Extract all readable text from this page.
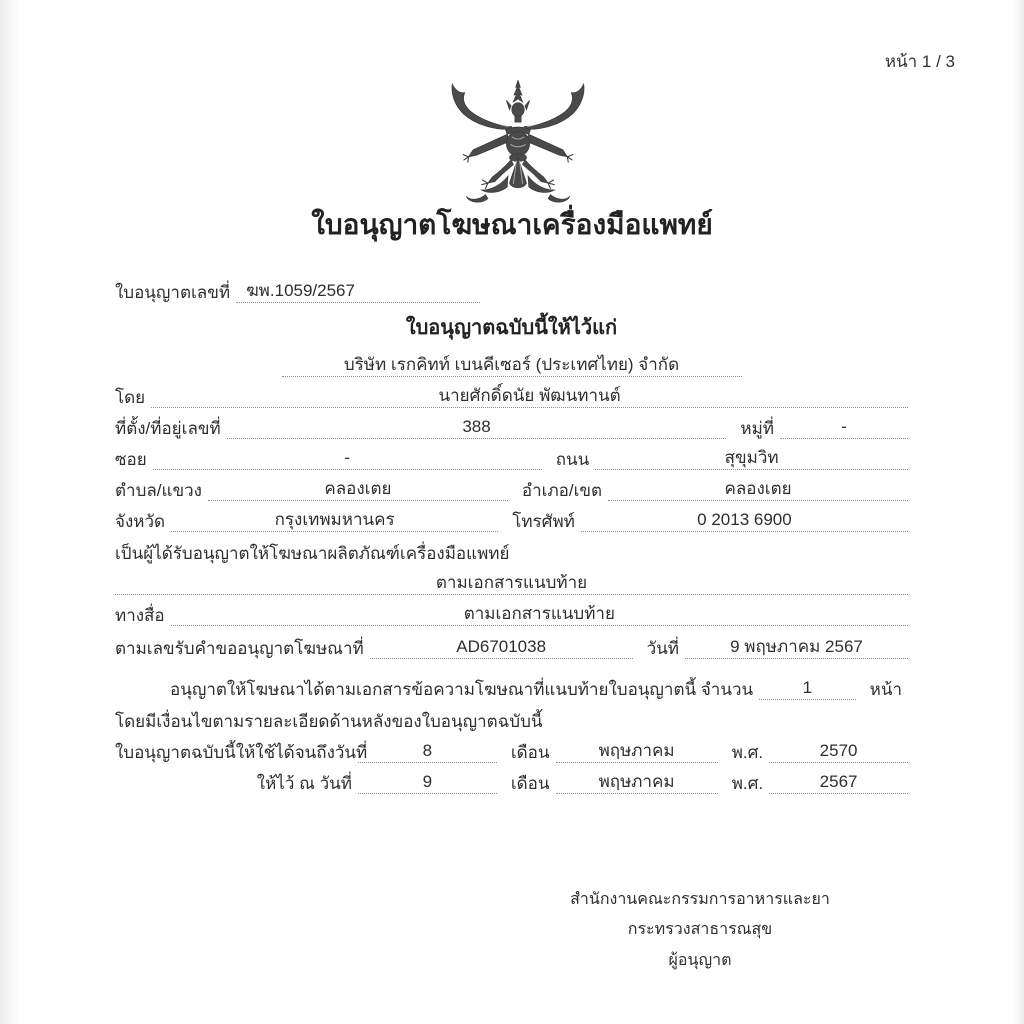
หน้า 1 / 3
ใบอนุญาตโฆษณาเครื่องมือแพทย์
ใบอนุญาตเลขที่ ฆพ.1059/2567
ใบอนุญาตฉบับนี้ให้ไว้แก่
บริษัท เรกคิทท์ เบนคีเซอร์ (ประเทศไทย) จำกัด
โดย	นายศักดิ์ดนัย พัฒนทานต์
ที่ตั้ง/ที่อยู่เลขที่	388	หมู่ที่	-
ซอย	-	ถนน	สุขุมวิท
ตำบล/แขวง	คลองเตย	อำเภอ/เขต	คลองเตย
จังหวัด	กรุงเทพมหานคร	โทรศัพท์	0 2013 6900
เป็นผู้ได้รับอนุญาตให้โฆษณาผลิตภัณฑ์เครื่องมือแพทย์
ตามเอกสารแนบท้าย
ทางสื่อ	ตามเอกสารแนบท้าย
ตามเลขรับคำขออนุญาตโฆษณาที่	AD6701038	วันที่	9 พฤษภาคม 2567
อนุญาตให้โฆษณาได้ตามเอกสารข้อความโฆษณาที่แนบท้ายใบอนุญาตนี้ จำนวน	1	หน้า
โดยมีเงื่อนไขตามรายละเอียดด้านหลังของใบอนุญาตฉบับนี้
ใบอนุญาตฉบับนี้ให้ใช้ได้จนถึงวันที่	8	เดือน	พฤษภาคม	พ.ศ.	2570
ให้ไว้ ณ วันที่	9	เดือน	พฤษภาคม	พ.ศ.	2567
สำนักงานคณะกรรมการอาหารและยา
กระทรวงสาธารณสุข
ผู้อนุญาต
